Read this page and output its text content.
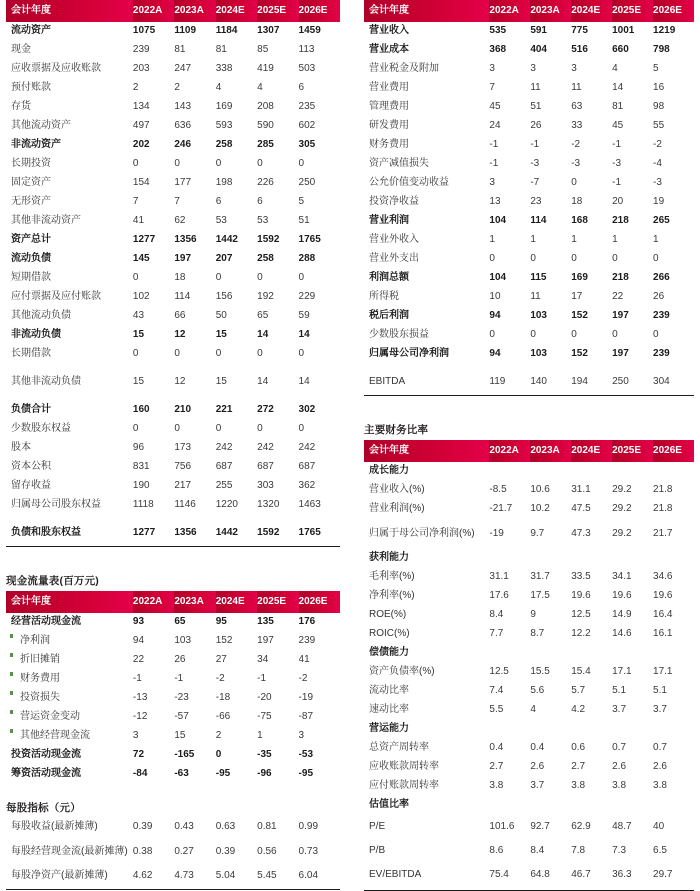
会计年度	2022A	2023A	2024E	2025E	2026E
流动资产	1075	1109	1184	1307	1459
现金	239	81	81	85	113
应收票据及应收账款	203	247	338	419	503
预付账款	2	2	4	4	6
存货	134	143	169	208	235
其他流动资产	497	636	593	590	602
非流动资产	202	246	258	285	305
长期投资	0	0	0	0	0
固定资产	154	177	198	226	250
无形资产	7	7	6	6	5
其他非流动资产	41	62	53	53	51
资产总计	1277	1356	1442	1592	1765
流动负债	145	197	207	258	288
短期借款	0	18	0	0	0
应付票据及应付账款	102	114	156	192	229
其他流动负债	43	66	50	65	59
非流动负债	15	12	15	14	14
长期借款	0	0	0	0	0
其他非流动负债	15	12	15	14	14
负债合计	160	210	221	272	302
少数股东权益	0	0	0	0	0
股本	96	173	242	242	242
资本公积	831	756	687	687	687
留存收益	190	217	255	303	362
归属母公司股东权益	1118	1146	1220	1320	1463
负债和股东权益	1277	1356	1442	1592	1765
现金流量表(百万元)
会计年度	2022A	2023A	2024E	2025E	2026E
经营活动现金流	93	65	95	135	176
净利润	94	103	152	197	239
折旧摊销	22	26	27	34	41
财务费用	-1	-1	-2	-1	-2
投资损失	-13	-23	-18	-20	-19
营运资金变动	-12	-57	-66	-75	-87
其他经营现金流	3	15	2	1	3
投资活动现金流	72	-165	0	-35	-53
筹资活动现金流	-84	-63	-95	-96	-95
每股指标（元）
每股收益(最新摊薄)	0.39	0.43	0.63	0.81	0.99
每股经营现金流(最新摊薄)	0.38	0.27	0.39	0.56	0.73
每股净资产(最新摊薄)	4.62	4.73	5.04	5.45	6.04
会计年度	2022A	2023A	2024E	2025E	2026E
营业收入	535	591	775	1001	1219
营业成本	368	404	516	660	798
营业税金及附加	3	3	3	4	5
营业费用	7	11	11	14	16
管理费用	45	51	63	81	98
研发费用	24	26	33	45	55
财务费用	-1	-1	-2	-1	-2
资产减值损失	-1	-3	-3	-3	-4
公允价值变动收益	3	-7	0	-1	-3
投资净收益	13	23	18	20	19
营业利润	104	114	168	218	265
营业外收入	1	1	1	1	1
营业外支出	0	0	0	0	0
利润总额	104	115	169	218	266
所得税	10	11	17	22	26
税后利润	94	103	152	197	239
少数股东损益	0	0	0	0	0
归属母公司净利润	94	103	152	197	239
EBITDA	119	140	194	250	304
主要财务比率
会计年度	2022A	2023A	2024E	2025E	2026E
成长能力					
营业收入(%)	-8.5	10.6	31.1	29.2	21.8
营业利润(%)	-21.7	10.2	47.5	29.2	21.8
归属于母公司净利润(%)	-19	9.7	47.3	29.2	21.7
获利能力					
毛利率(%)	31.1	31.7	33.5	34.1	34.6
净利率(%)	17.6	17.5	19.6	19.6	19.6
ROE(%)	8.4	9	12.5	14.9	16.4
ROIC(%)	7.7	8.7	12.2	14.6	16.1
偿债能力					
资产负债率(%)	12.5	15.5	15.4	17.1	17.1
流动比率	7.4	5.6	5.7	5.1	5.1
速动比率	5.5	4	4.2	3.7	3.7
营运能力					
总资产周转率	0.4	0.4	0.6	0.7	0.7
应收账款周转率	2.7	2.6	2.7	2.6	2.6
应付账款周转率	3.8	3.7	3.8	3.8	3.8
估值比率					
P/E	101.6	92.7	62.9	48.7	40
P/B	8.6	8.4	7.8	7.3	6.5
EV/EBITDA	75.4	64.8	46.7	36.3	29.7
